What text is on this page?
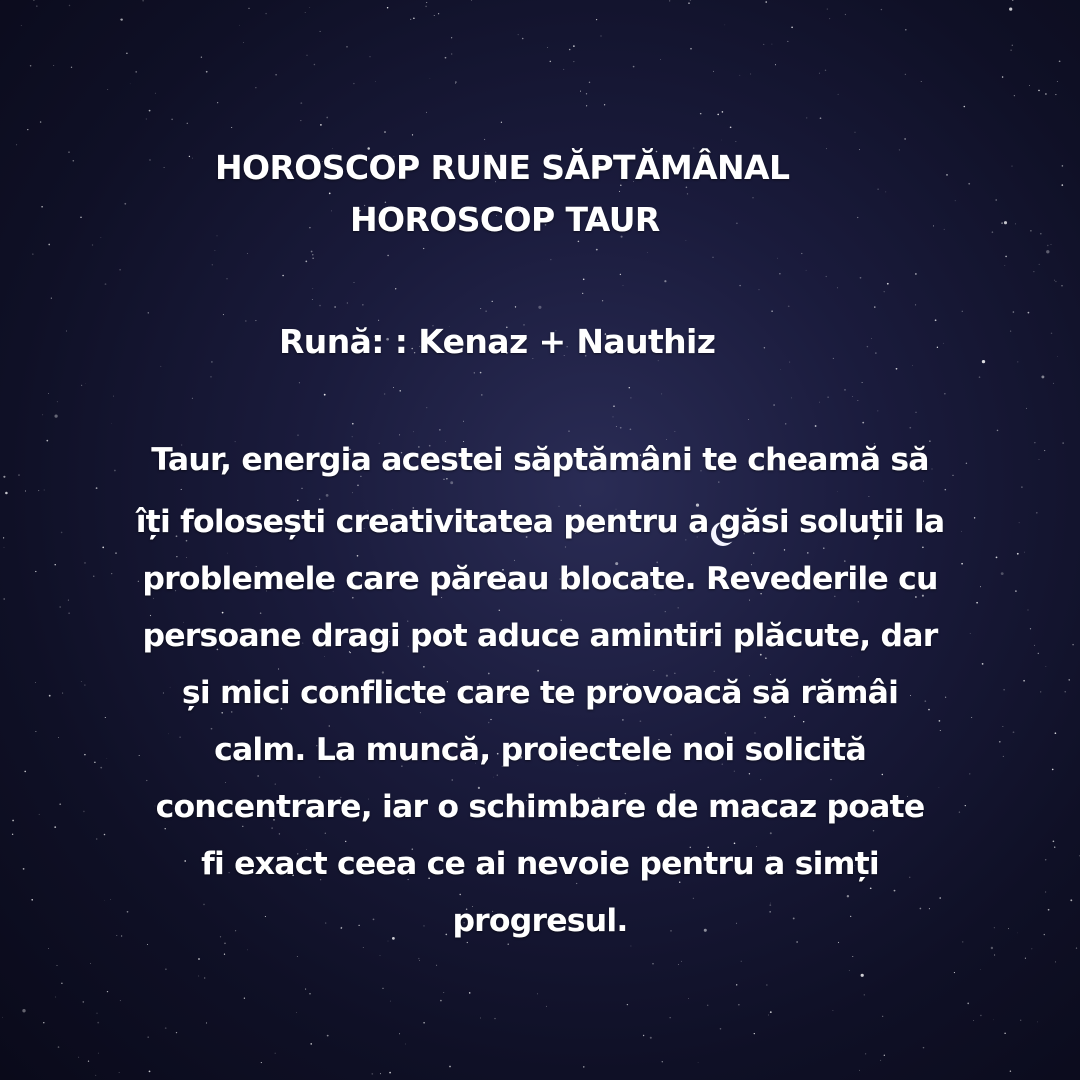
HOROSCOP RUNE SĂPTĂMÂNAL
HOROSCOP TAUR
Rună: : Kenaz + Nauthiz
Taur, energia acestei săptămâni te cheamă să
îți folosești creativitatea pentru a găsi soluții la
problemele care păreau blocate. Revederile cu
persoane dragi pot aduce amintiri plăcute, dar
și mici conflicte care te provoacă să rămâi
calm. La muncă, proiectele noi solicită
concentrare, iar o schimbare de macaz poate
fi exact ceea ce ai nevoie pentru a simți
progresul.
